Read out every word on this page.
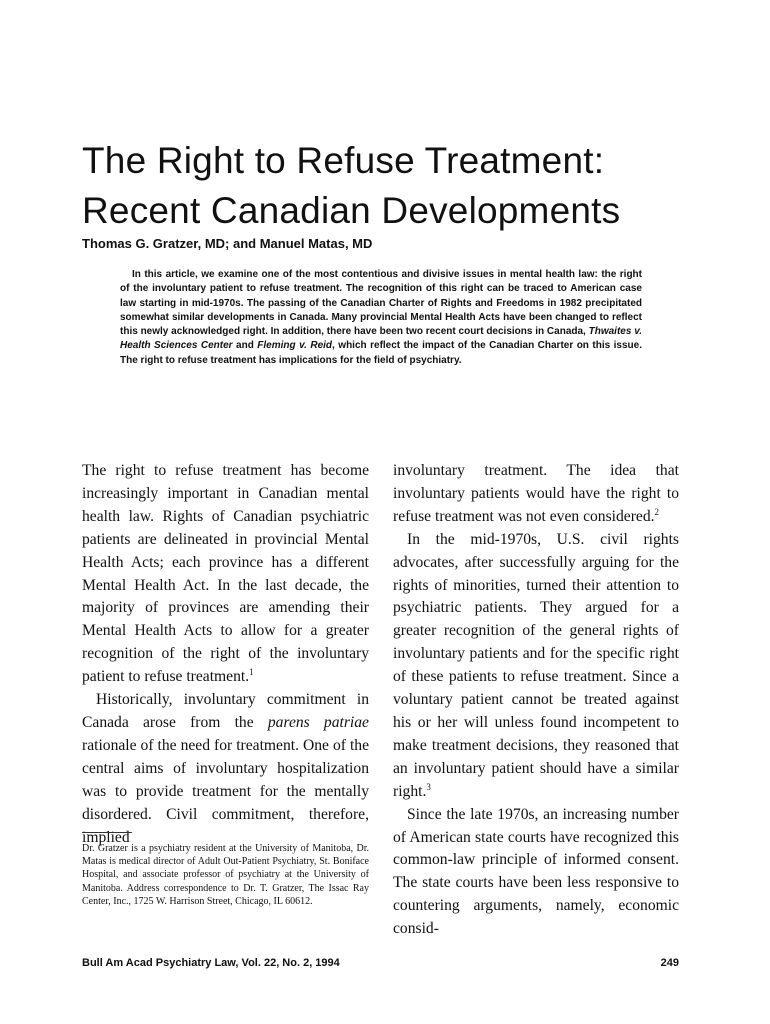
The Right to Refuse Treatment:
Recent Canadian Developments

Thomas G. Gratzer, MD; and Manuel Matas, MD

In this article, we examine one of the most contentious and divisive issues in mental health law: the right of the involuntary patient to refuse treatment. The recognition of this right can be traced to American case law starting in mid-1970s. The passing of the Canadian Charter of Rights and Freedoms in 1982 precipitated somewhat similar developments in Canada. Many provincial Mental Health Acts have been changed to reflect this newly acknowledged right. In addition, there have been two recent court decisions in Canada, Thwaites v. Health Sciences Center and Fleming v. Reid, which reflect the impact of the Canadian Charter on this issue. The right to refuse treatment has implications for the field of psychiatry.

The right to refuse treatment has become increasingly important in Canadian mental health law. Rights of Canadian psychiatric patients are delineated in provincial Mental Health Acts; each province has a different Mental Health Act. In the last decade, the majority of provinces are amending their Mental Health Acts to allow for a greater recognition of the right of the involuntary patient to refuse treatment.$^1$

Historically, involuntary commitment in Canada arose from the parens patriae rationale of the need for treatment. One of the central aims of involuntary hospitalization was to provide treatment for the mentally disordered. Civil commitment, therefore, implied

Dr. Gratzer is a psychiatry resident at the University of Manitoba, Dr. Matas is medical director of Adult Out-Patient Psychiatry, St. Boniface Hospital, and associate professor of psychiatry at the University of Manitoba. Address correspondence to Dr. T. Gratzer, The Issac Ray Center, Inc., 1725 W. Harrison Street, Chicago, IL 60612.

involuntary treatment. The idea that involuntary patients would have the right to refuse treatment was not even considered.$^2$

In the mid-1970s, U.S. civil rights advocates, after successfully arguing for the rights of minorities, turned their attention to psychiatric patients. They argued for a greater recognition of the general rights of involuntary patients and for the specific right of these patients to refuse treatment. Since a voluntary patient cannot be treated against his or her will unless found incompetent to make treatment decisions, they reasoned that an involuntary patient should have a similar right.$^3$

Since the late 1970s, an increasing number of American state courts have recognized this common-law principle of informed consent. The state courts have been less responsive to countering arguments, namely, economic consid-

Bull Am Acad Psychiatry Law, Vol. 22, No. 2, 1994	249
